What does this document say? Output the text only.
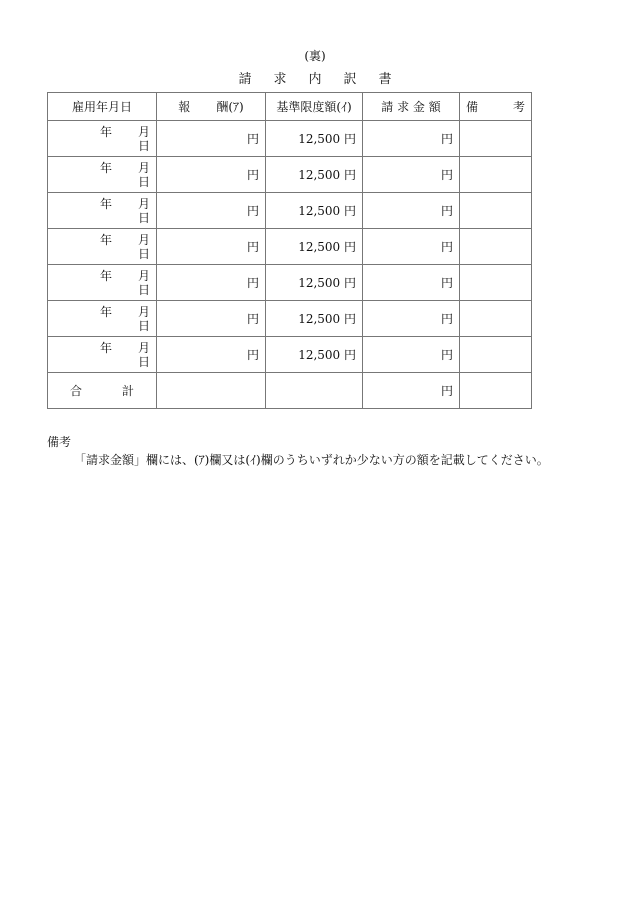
(裏)
請 求 内 訳 書
雇用年月日	報 酬(ｱ)	基準限度額(ｲ)	請 求 金 額	備 考

年 月
日	円	12,500 円	円	

年 月
日	円	12,500 円	円	

年 月
日	円	12,500 円	円	

年 月
日	円	12,500 円	円	

年 月
日	円	12,500 円	円	

年 月
日	円	12,500 円	円	

年 月
日	円	12,500 円	円	
合 計			円	
備考
「請求金額」欄には、(ｱ)欄又は(ｲ)欄のうちいずれか少ない方の額を記載してください。
